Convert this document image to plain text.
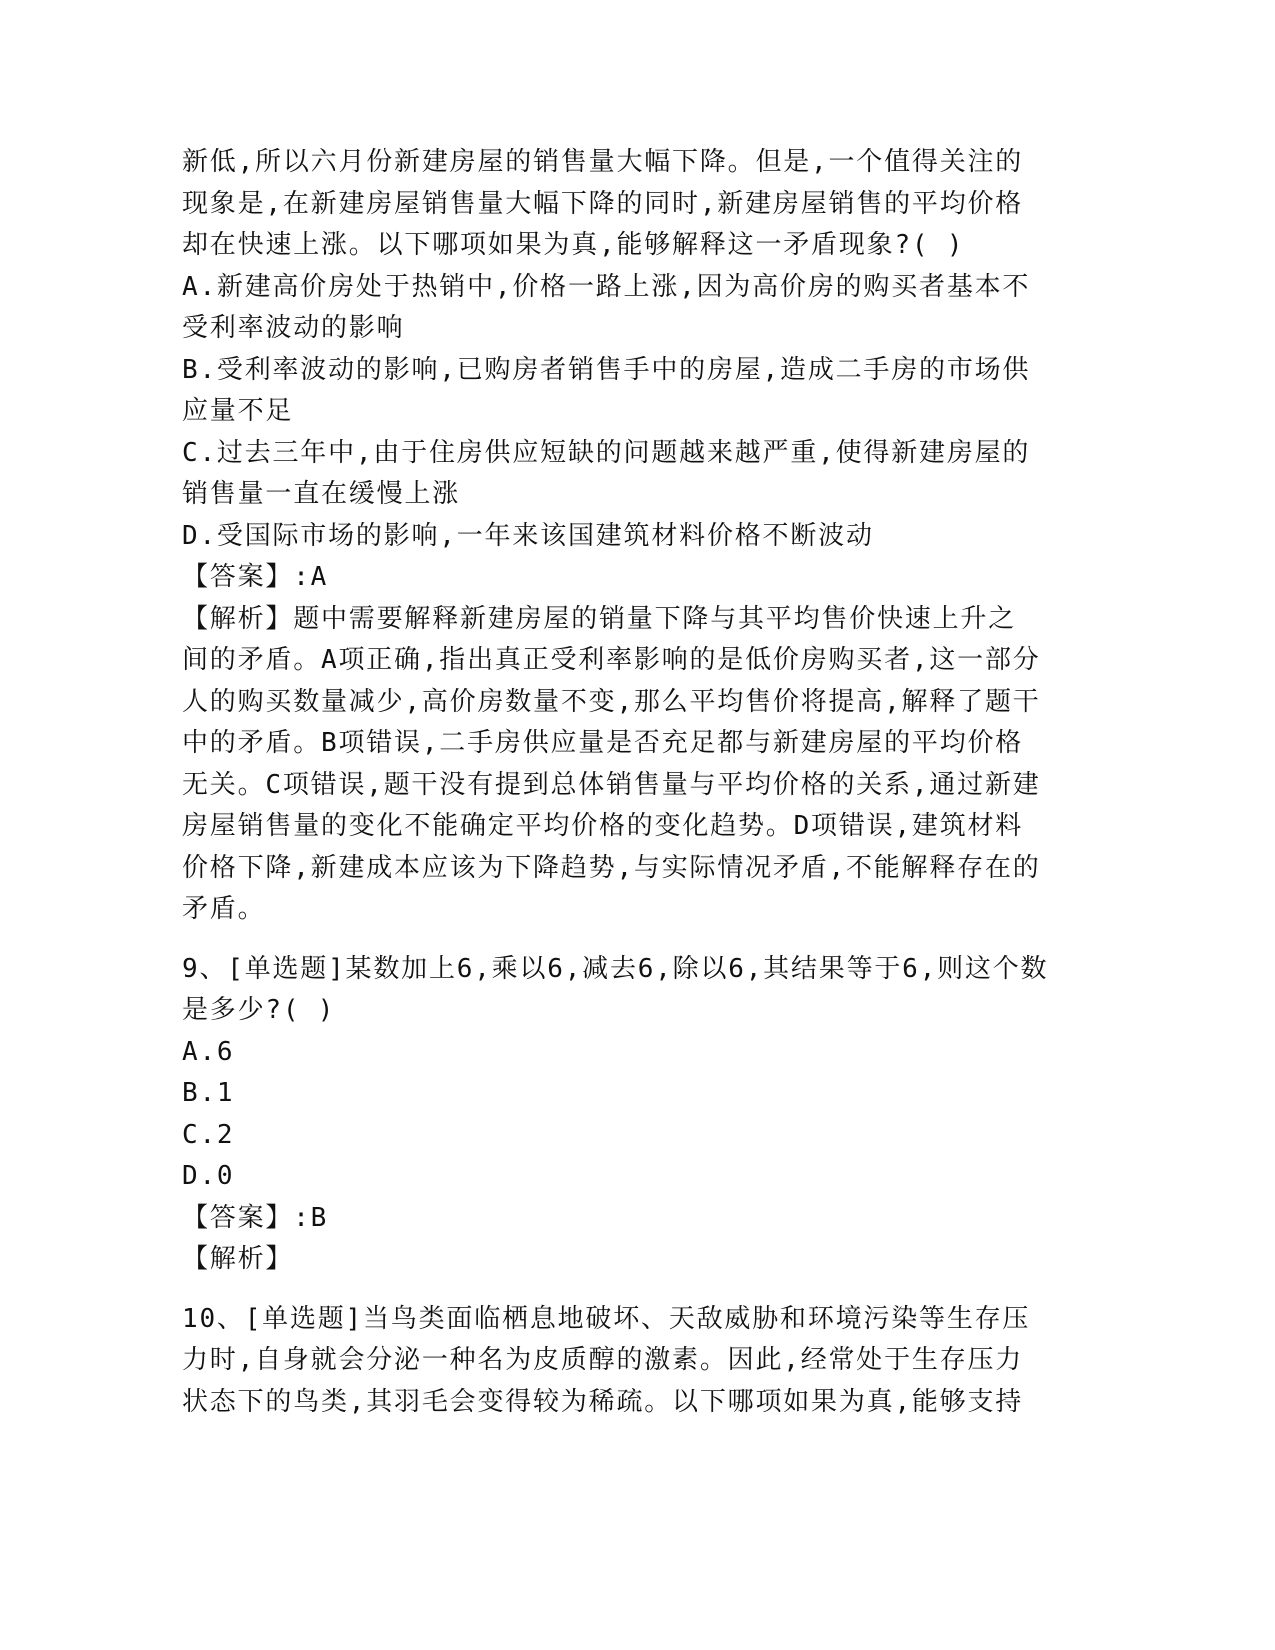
新低,所以六月份新建房屋的销售量大幅下降。但是,一个值得关注的
现象是,在新建房屋销售量大幅下降的同时,新建房屋销售的平均价格
却在快速上涨。以下哪项如果为真,能够解释这一矛盾现象?( )
A.新建高价房处于热销中,价格一路上涨,因为高价房的购买者基本不
受利率波动的影响
B.受利率波动的影响,已购房者销售手中的房屋,造成二手房的市场供
应量不足
C.过去三年中,由于住房供应短缺的问题越来越严重,使得新建房屋的
销售量一直在缓慢上涨
D.受国际市场的影响,一年来该国建筑材料价格不断波动
【答案】:A
【解析】题中需要解释新建房屋的销量下降与其平均售价快速上升之
间的矛盾。A项正确,指出真正受利率影响的是低价房购买者,这一部分
人的购买数量减少,高价房数量不变,那么平均售价将提高,解释了题干
中的矛盾。B项错误,二手房供应量是否充足都与新建房屋的平均价格
无关。C项错误,题干没有提到总体销售量与平均价格的关系,通过新建
房屋销售量的变化不能确定平均价格的变化趋势。D项错误,建筑材料
价格下降,新建成本应该为下降趋势,与实际情况矛盾,不能解释存在的
矛盾。
9、[单选题]某数加上6,乘以6,减去6,除以6,其结果等于6,则这个数
是多少?( )
A.6
B.1
C.2
D.0
【答案】:B
【解析】
10、[单选题]当鸟类面临栖息地破坏、天敌威胁和环境污染等生存压
力时,自身就会分泌一种名为皮质醇的激素。因此,经常处于生存压力
状态下的鸟类,其羽毛会变得较为稀疏。以下哪项如果为真,能够支持
